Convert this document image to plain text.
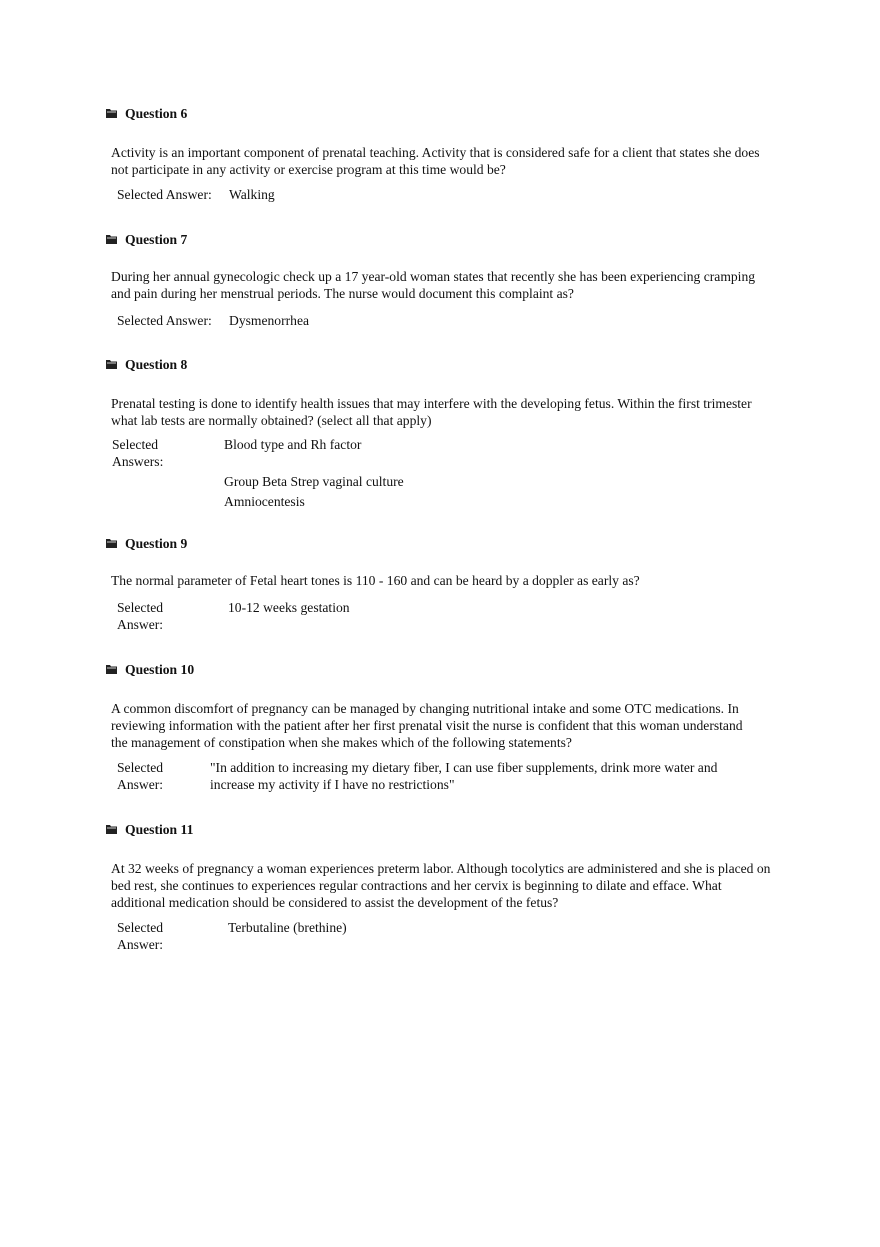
Question 6

Activity is an important component of prenatal teaching. Activity that is considered safe for a client that states she does not participate in any activity or exercise program at this time would be?

Selected Answer:	Walking
Question 7

During her annual gynecologic check up a 17 year-old woman states that recently she has been experiencing cramping and pain during her menstrual periods. The nurse would document this complaint as?

Selected Answer:	Dysmenorrhea
Question 8

Prenatal testing is done to identify health issues that may interfere with the developing fetus. Within the first trimester what lab tests are normally obtained? (select all that apply)

Selected Answers:
Blood type and Rh factor
Group Beta Strep vaginal culture
Amniocentesis
Question 9

The normal parameter of Fetal heart tones is 110 - 160 and can be heard by a doppler as early as?

Selected Answer:
10-12 weeks gestation
Question 10

A common discomfort of pregnancy can be managed by changing nutritional intake and some OTC medications. In reviewing information with the patient after her first prenatal visit the nurse is confident that this woman understand the management of constipation when she makes which of the following statements?

Selected Answer:
"In addition to increasing my dietary fiber, I can use fiber supplements, drink more water and increase my activity if I have no restrictions"
Question 11

At 32 weeks of pregnancy a woman experiences preterm labor. Although tocolytics are administered and she is placed on bed rest, she continues to experiences regular contractions and her cervix is beginning to dilate and efface. What additional medication should be considered to assist the development of the fetus?

Selected Answer:
Terbutaline (brethine)
